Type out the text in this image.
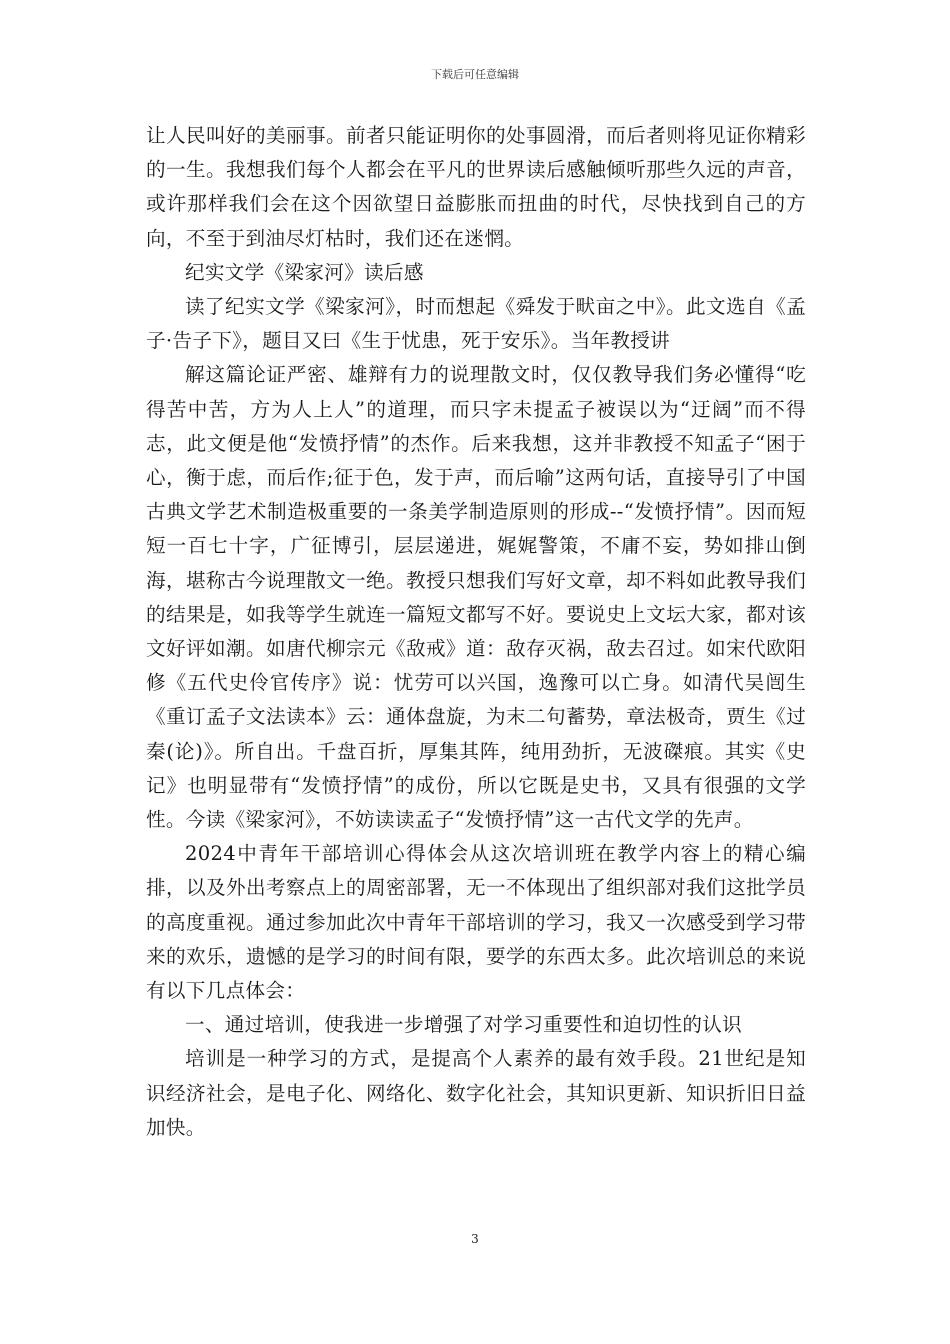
下载后可任意编辑

让人民叫好的美丽事。前者只能证明你的处事圆滑，而后者则将见证你精彩的一生。我想我们每个人都会在平凡的世界读后感触倾听那些久远的声音，或许那样我们会在这个因欲望日益膨胀而扭曲的时代，尽快找到自己的方向，不至于到油尽灯枯时，我们还在迷惘。

纪实文学《梁家河》读后感

读了纪实文学《梁家河》，时而想起《舜发于畎亩之中》。此文选自《孟子·告子下》，题目又曰《生于忧患，死于安乐》。当年教授讲

解这篇论证严密、雄辩有力的说理散文时，仅仅教导我们务必懂得“吃得苦中苦，方为人上人”的道理，而只字未提孟子被误以为“迂阔”而不得志，此文便是他“发愤抒情”的杰作。后来我想，这并非教授不知孟子“困于心，衡于虑，而后作;征于色，发于声，而后喻”这两句话，直接导引了中国古典文学艺术制造极重要的一条美学制造原则的形成--“发愤抒情”。因而短短一百七十字，广征博引，层层递进，娓娓警策，不庸不妄，势如排山倒海，堪称古今说理散文一绝。教授只想我们写好文章，却不料如此教导我们的结果是，如我等学生就连一篇短文都写不好。要说史上文坛大家，都对该文好评如潮。如唐代柳宗元《敌戒》道：敌存灭祸，敌去召过。如宋代欧阳修《五代史伶官传序》说：忧劳可以兴国，逸豫可以亡身。如清代吴闿生《重订孟子文法读本》云：通体盘旋，为末二句蓄势，章法极奇，贾生《过秦(论)》。所自出。千盘百折，厚集其阵，纯用劲折，无波磔痕。其实《史记》也明显带有“发愤抒情”的成份，所以它既是史书，又具有很强的文学性。今读《梁家河》，不妨读读孟子“发愤抒情”这一古代文学的先声。

2024中青年干部培训心得体会从这次培训班在教学内容上的精心编排，以及外出考察点上的周密部署，无一不体现出了组织部对我们这批学员的高度重视。通过参加此次中青年干部培训的学习，我又一次感受到学习带来的欢乐，遗憾的是学习的时间有限，要学的东西太多。此次培训总的来说有以下几点体会：

一、通过培训，使我进一步增强了对学习重要性和迫切性的认识

培训是一种学习的方式，是提高个人素养的最有效手段。21世纪是知识经济社会，是电子化、网络化、数字化社会，其知识更新、知识折旧日益加快。

3
